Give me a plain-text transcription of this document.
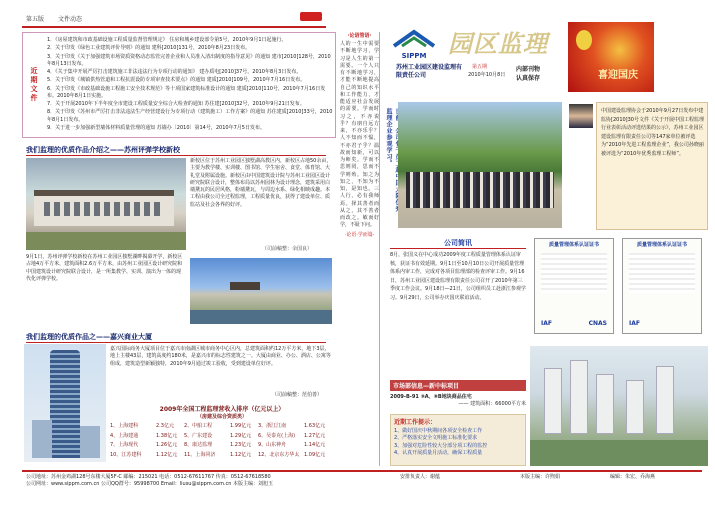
第五版 文件动态
近期文件
1．《房屋建筑和市政基础设施工程质量监督管理规定》 住房和城乡建设部令第5号，2010年9月1日起施行。
2．关于印发《绿色工业建筑评价导则》的通知 建科[2010]131号，2010年8月23日发布。
3．关于印发《关于加强建筑市场资质资格动态监管完善企业和人员准入清出制度的指导意见》的通知 建市[2010]128号，2010年8月13日发布。
4．《关于集中开展严厉打击建筑施工非法违法行为专项行动的通知》 建办质电[2010]37号，2010年8月3日发布。
5．关于印发《城镇供热管道和工程抗震设防专项审查技术要点》的通知 建质[2010]109号，2010年7月16日发布。
6．关于印发《市政基础设施工程施工安全技术规范》等十项国家建筑标准设计的通知 建质[2010]110号，2010年7月16日发布。2010年8月1日实施。
7．关于开展2010年下半年度全市建设工程质量安全综合大检查的通知 苏住建[2010]32号，2010年9月21日发布。
8．关于印发《苏州市严厉打击非法违法生产经营建设行为专项行动（建筑施工）工作方案》的通知 苏住建质[2010]33号，2010年8月1日发布。
9．关于进一步加强新型墙体材料质量管理的通知 苏墙办〔2010〕第14号，2010年7月5日发布。
我们监理的优质作品介绍之——苏州评弹学校新校
新校区位于苏州工业园区独墅湖高教区内，新校区占地50余亩，主要为教学楼、实训楼、图书馆、学生宿舍、食堂、体育馆、大礼堂及附属设施。新校区由中国建筑设计院与苏州工业园区设计研究院联合设计，整体布局以苏州园林为设计理念，建筑采用白墙黛瓦的民居风格，粉墙黛瓦，与周边水系、绿化相映成趣。本工程由我公司全过程监理，工程质量优良，获得了建设单位、质监站及社会各界的好评。
（司前稿整：余国良）
9月1日，苏州评弹学校新校在苏州工业园区独墅湖畔揭幕开学，新校区占地4万平方米，建筑面积2.6万平方米，由苏州工业园区设计研究院和中国建筑设计研究院联合设计，是一所集教学、实训、演出为一体的现代化评弹学校。
我们监理的优质作品之——嘉兴商业大厦
嘉兴国际商务大厦项目位于嘉兴市南湖区城市商务中心区内，总建筑面积约12万平方米，地下3层，地上主楼43层，建筑高度约180米，是嘉兴市的标志性建筑之一。大厦由商业、办公、酒店、公寓等组成，建筑造型新颖独特，2010年9月通过竣工验收，受到建设单位好评。
（司前稿整：范伯善）
2009年全国工程监理营收入排序（亿元以上）
（房建及综合资质类）
1、上海建科	2.3亿元	2、中船工程	1.99亿元	3、浙江江南	1.63亿元
4、上海建通	1.38亿元	5、广东建设	1.29亿元	6、吴泰克(上海)	1.27亿元
7、上海现代	1.26亿元	8、康达监理	1.23亿元	9、山东神舟	1.14亿元
10、江苏建科	1.12亿元	11、上海同济	1.12亿元	12、北京东方华太 1.09亿元
公司地址：苏州金鸡湖128号东楼大厦5F-C 邮编：215021 电话：0512-67611767 传真：0512-67618580
公司网址：www.sippm.com.cn 公司QQ群号：95998700 Email：liusu@sippm.com.cn 本版主编：刘旭玉
安排负责人：谢蕴	本版主编：许煦娟	编辑：朱宏、乔海燕
·论语管语·
人的一生中需要不断地学习，学习是人生的第一需要。一个人只有不断地学习，才能不断地提高自己的知识水平和工作能力，才能适应社会发展的需要。学而时习之，不亦说乎？有朋自远方来，不亦乐乎？人不知而不愠，不亦君子乎？温故而知新，可以为师矣。学而不思则罔，思而不学则殆。知之为知之，不知为不知，是知也。三人行，必有我师焉。择其善者而从之，其不善者而改之。敏而好学，不耻下问。
·论语·学而篇·
SIPPM 园区监理
苏州工业园区建设监理有限责任公司
第五期
2010年10月8日
内部刊物
认真保存	喜迎国庆
监理企业参观学习。
中国建设监理协会于2010年9月27日发布中建监协[2010]30号文件《关于开展中国工程监理行业表彰活动评选结果的公示》，苏州工业园区建设监理有限责任公司等147家单位被评选为“2010年先进工程监理企业”，我公司孙晓丽被评选为“2010年优秀监理工程师”。
公司简讯
8月，张国义在中心成功2009年度工程质量管理体系认证审核，获证书有效延期。9月1日至10月10日公司开展质量管理体系内审工作，完成对各项目监理部的检查评审工作。9月16日，苏州工业园区建设监理有限责任公司召开了2010年第三季度工作会议。9月18日—21日，公司组织员工赴浙江参观学习。9月29日，公司举办庆国庆联谊活动。
质量管理体系认证证书
IAF	CNAS
质量管理体系认证证书
IAF
市场部信息—新中标项目
2009-B-91 ⑨A、⑧B地块商品住宅
—— 建筑面积：66000平方米
近期工作提示：
1、做好国庆中秋期间各项安全检查工作
2、严格落实安全文明施工标准化要求
3、加强对危险性较大分部分项工程的监控
4、认真开展质量月活动，确保工程质量
